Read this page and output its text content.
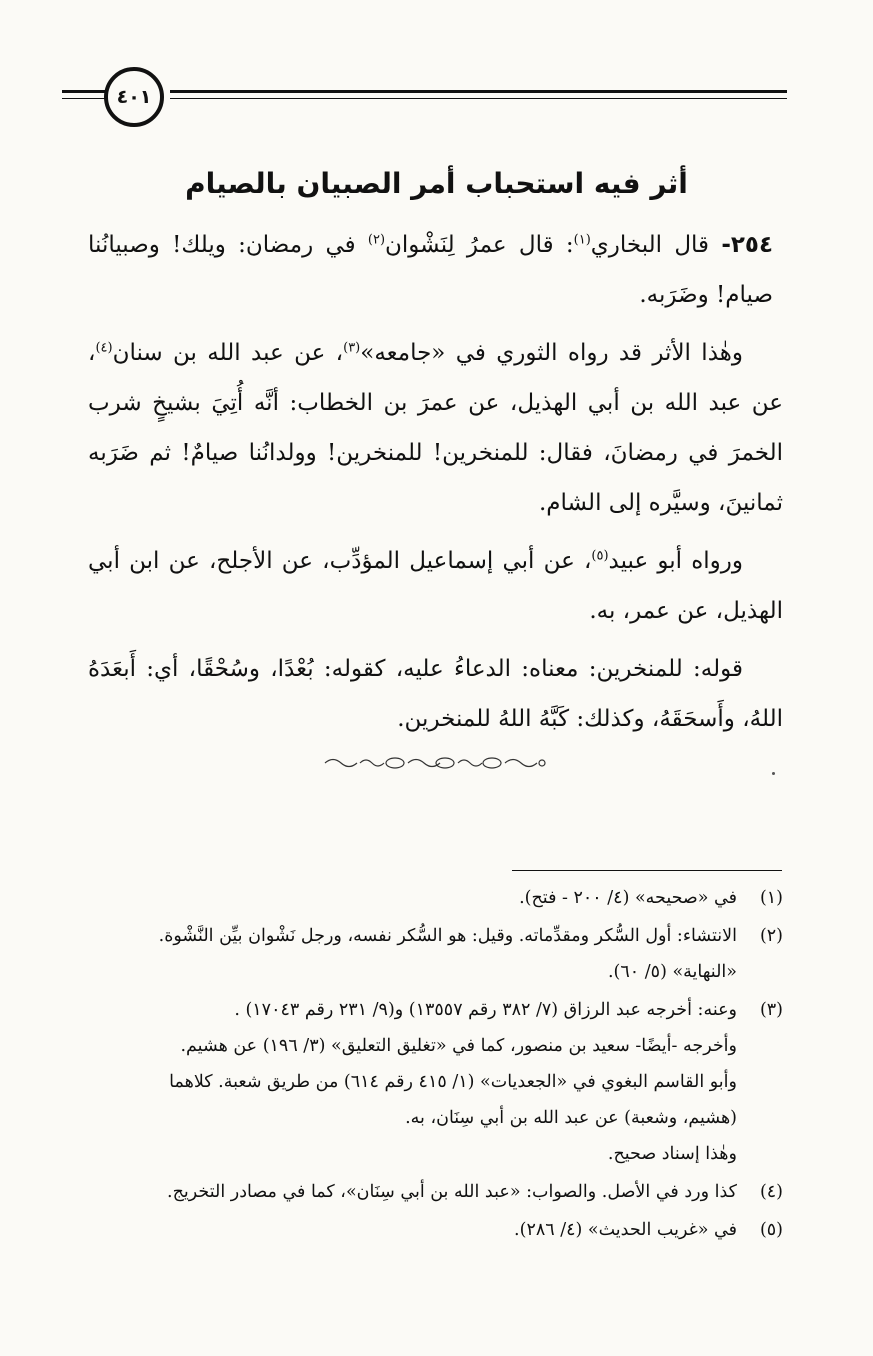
٤٠١
أثر فيه استحباب أمر الصبيان بالصيام

٢٥٤- قال البخاري$^{(١)}$: قال عمرُ لِنَشْوان$^{(٢)}$ في رمضان: ويلك! وصبيانُنا صيام! وضَرَبه.

وهٰذا الأثر قد رواه الثوري في «جامعه»$^{(٣)}$، عن عبد الله بن سنان$^{(٤)}$، عن عبد الله بن أبي الهذيل، عن عمرَ بن الخطاب: أنَّه أُتِيَ بشيخٍ شرب الخمرَ في رمضانَ، فقال: للمنخرين! للمنخرين! وولدانُنا صيامٌ! ثم ضَرَبه ثمانينَ، وسيَّره إلى الشام.

ورواه أبو عبيد$^{(٥)}$، عن أبي إسماعيل المؤدِّب، عن الأجلح، عن ابن أبي الهذيل، عن عمر، به.

قوله: للمنخرين: معناه: الدعاءُ عليه، كقوله: بُعْدًا، وسُحْقًا، أي: أَبعَدَهُ اللهُ، وأَسحَقَهُ، وكذلك: كَبَّهُ اللهُ للمنخرين.

(١)
في «صحيحه» (٤/ ٢٠٠ - فتح).
(٢)
الانتشاء: أول السُّكر ومقدِّماته. وقيل: هو السُّكر نفسه، ورجل نَشْوان بيِّن النَّشْوة.
«النهاية» (٥/ ٦٠).
(٣)
وعنه: أخرجه عبد الرزاق (٧/ ٣٨٢ رقم ١٣٥٥٧) و(٩/ ٢٣١ رقم ١٧٠٤٣) .
وأخرجه -أيضًا- سعيد بن منصور، كما في «تغليق التعليق» (٣/ ١٩٦) عن هشيم.
وأبو القاسم البغوي في «الجعديات» (١/ ٤١٥ رقم ٦١٤) من طريق شعبة. كلاهما
(هشيم، وشعبة) عن عبد الله بن أبي سِنَان، به.
وهٰذا إسناد صحيح.
(٤)
كذا ورد في الأصل. والصواب: «عبد الله بن أبي سِنَان»، كما في مصادر التخريج.
(٥)
في «غريب الحديث» (٤/ ٢٨٦).
